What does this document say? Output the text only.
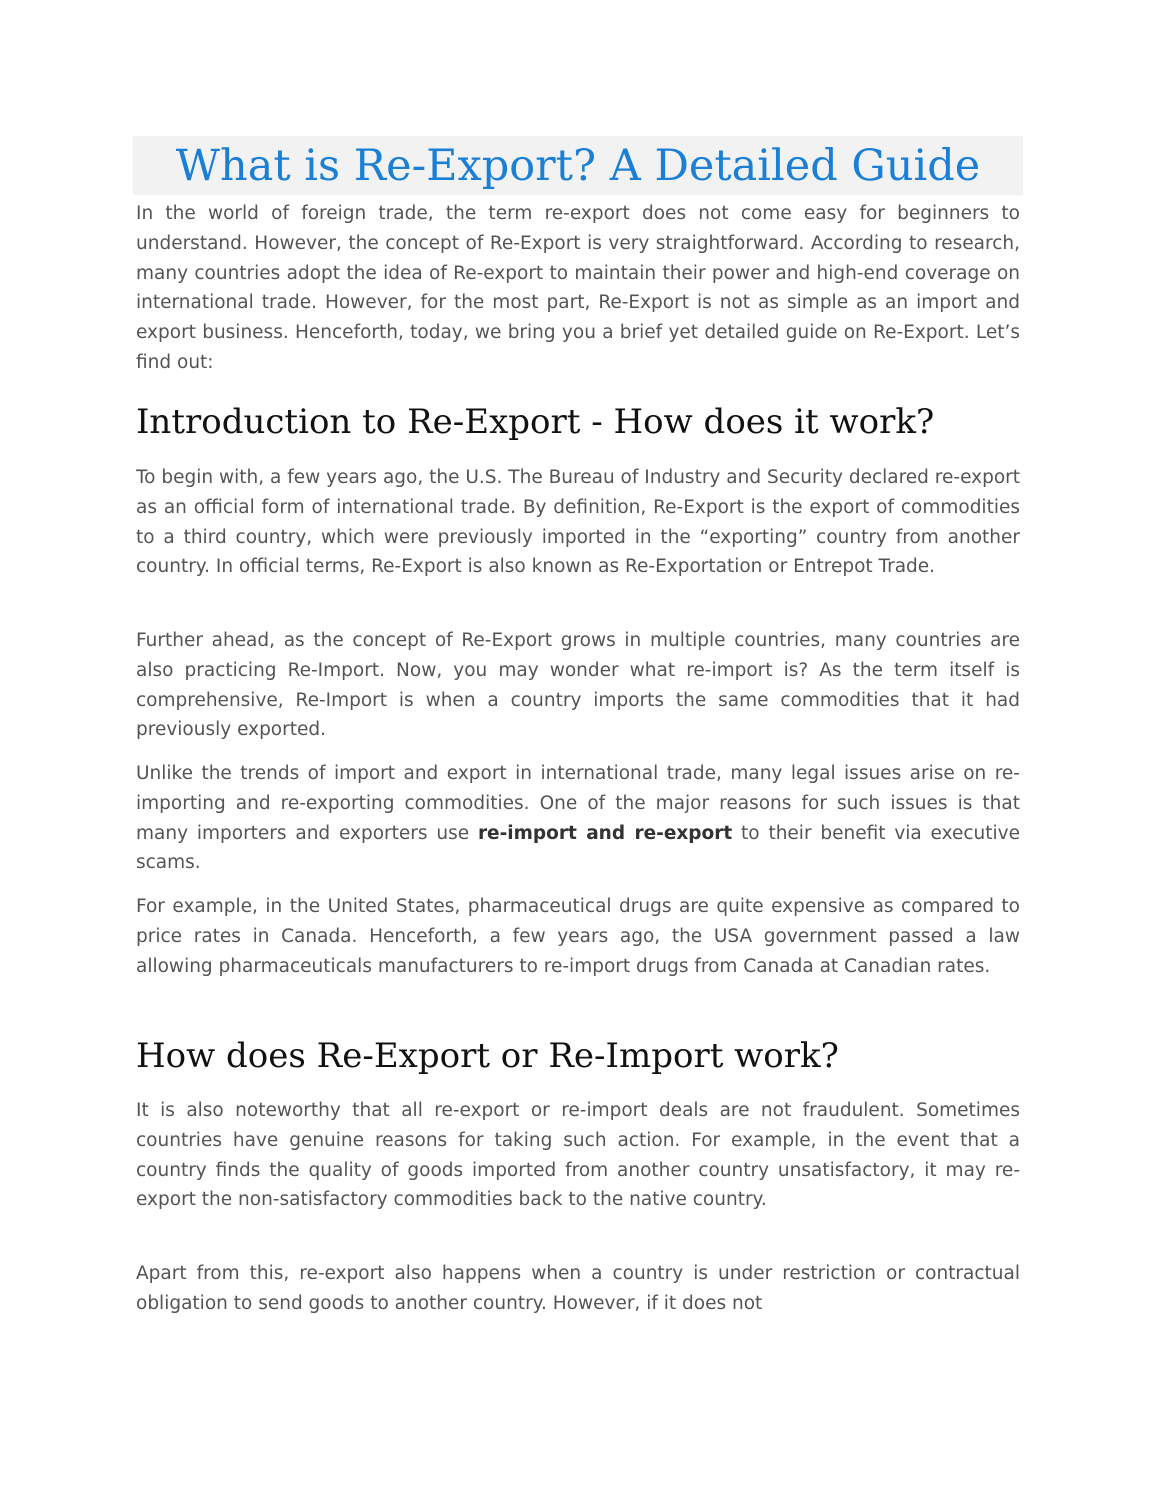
What is Re-Export? A Detailed Guide

In the world of foreign trade, the term re-export does not come easy for beginners to understand. However, the concept of Re-Export is very straightforward. According to research, many countries adopt the idea of Re-export to maintain their power and high-end coverage on international trade. However, for the most part, Re-Export is not as simple as an import and export business. Henceforth, today, we bring you a brief yet detailed guide on Re-Export. Let’s find out:

Introduction to Re-Export - How does it work?

To begin with, a few years ago, the U.S. The Bureau of Industry and Security declared re-export as an official form of international trade. By definition, Re-Export is the export of commodities to a third country, which were previously imported in the “exporting” country from another country. In official terms, Re-Export is also known as Re-Exportation or Entrepot Trade.

Further ahead, as the concept of Re-Export grows in multiple countries, many countries are also practicing Re-Import. Now, you may wonder what re-import is? As the term itself is comprehensive, Re-Import is when a country imports the same commodities that it had previously exported.

Unlike the trends of import and export in international trade, many legal issues arise on re-importing and re-exporting commodities. One of the major reasons for such issues is that many importers and exporters use re-import and re-export to their benefit via executive scams.

For example, in the United States, pharmaceutical drugs are quite expensive as compared to price rates in Canada. Henceforth, a few years ago, the USA government passed a law allowing pharmaceuticals manufacturers to re-import drugs from Canada at Canadian rates.

How does Re-Export or Re-Import work?

It is also noteworthy that all re-export or re-import deals are not fraudulent. Sometimes countries have genuine reasons for taking such action. For example, in the event that a country finds the quality of goods imported from another country unsatisfactory, it may re-export the non-satisfactory commodities back to the native country.

Apart from this, re-export also happens when a country is under restriction or contractual obligation to send goods to another country. However, if it does not
